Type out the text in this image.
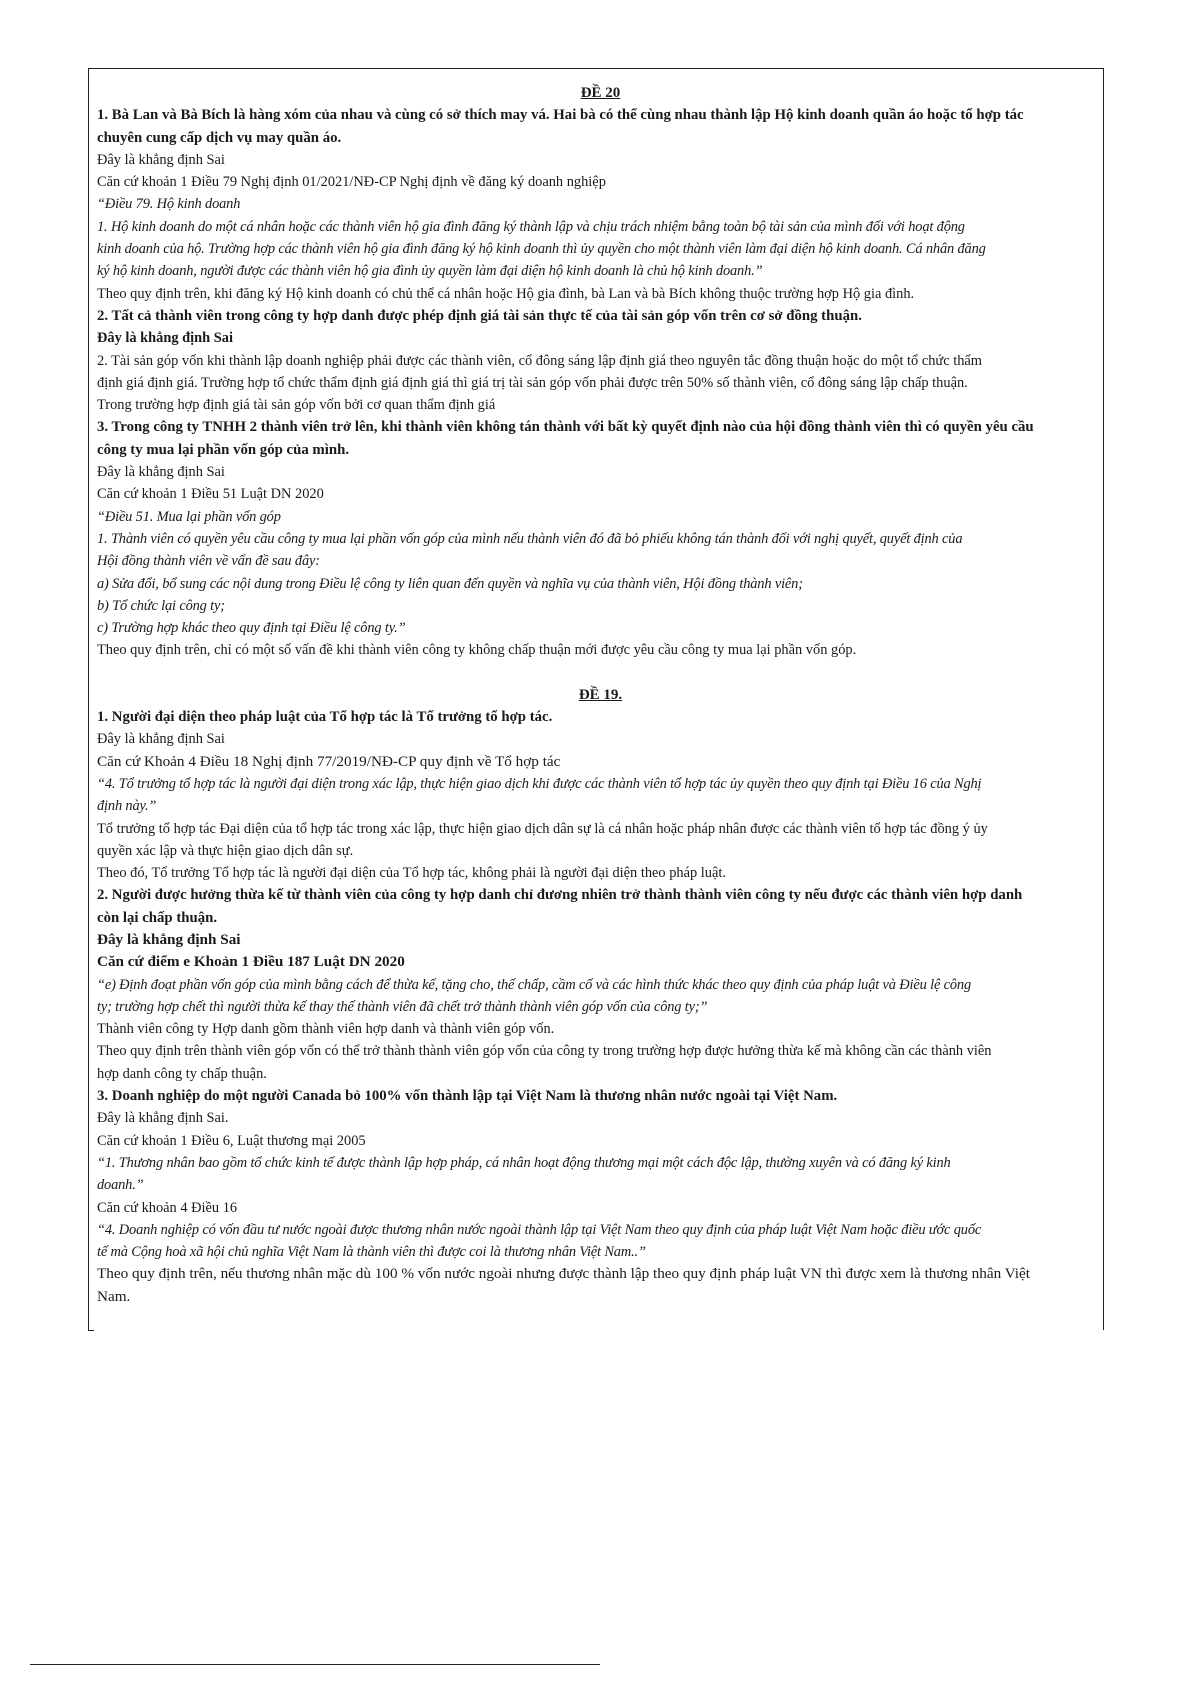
ĐỀ 20
1. Bà Lan và Bà Bích là hàng xóm của nhau và cùng có sở thích may vá. Hai bà có thể cùng nhau thành lập Hộ kinh doanh quần áo hoặc tổ hợp tác
chuyên cung cấp dịch vụ may quần áo.
Đây là khẳng định Sai
Căn cứ khoản 1 Điều 79 Nghị định 01/2021/NĐ-CP Nghị định về đăng ký doanh nghiệp
“Điều 79. Hộ kinh doanh
1. Hộ kinh doanh do một cá nhân hoặc các thành viên hộ gia đình đăng ký thành lập và chịu trách nhiệm bằng toàn bộ tài sản của mình đối với hoạt động
kinh doanh của hộ. Trường hợp các thành viên hộ gia đình đăng ký hộ kinh doanh thì ủy quyền cho một thành viên làm đại diện hộ kinh doanh. Cá nhân đăng
ký hộ kinh doanh, người được các thành viên hộ gia đình ủy quyền làm đại diện hộ kinh doanh là chủ hộ kinh doanh.”
Theo quy định trên, khi đăng ký Hộ kinh doanh có chủ thể cá nhân hoặc Hộ gia đình, bà Lan và bà Bích không thuộc trường hợp Hộ gia đình.
2. Tất cả thành viên trong công ty hợp danh được phép định giá tài sản thực tế của tài sản góp vốn trên cơ sở đồng thuận.
Đây là khẳng định Sai
2. Tài sản góp vốn khi thành lập doanh nghiệp phải được các thành viên, cổ đông sáng lập định giá theo nguyên tắc đồng thuận hoặc do một tổ chức thẩm
định giá định giá. Trường hợp tổ chức thẩm định giá định giá thì giá trị tài sản góp vốn phải được trên 50% số thành viên, cổ đông sáng lập chấp thuận.
Trong trường hợp định giá tài sản góp vốn bởi cơ quan thẩm định giá
3. Trong công ty TNHH 2 thành viên trở lên, khi thành viên không tán thành với bất kỳ quyết định nào của hội đồng thành viên thì có quyền yêu cầu
công ty mua lại phần vốn góp của mình.
Đây là khẳng định Sai
Căn cứ khoản 1 Điều 51 Luật DN 2020
“Điều 51. Mua lại phần vốn góp
1. Thành viên có quyền yêu cầu công ty mua lại phần vốn góp của mình nếu thành viên đó đã bỏ phiếu không tán thành đối với nghị quyết, quyết định của
Hội đồng thành viên về vấn đề sau đây:
a) Sửa đổi, bổ sung các nội dung trong Điều lệ công ty liên quan đến quyền và nghĩa vụ của thành viên, Hội đồng thành viên;
b) Tổ chức lại công ty;
c) Trường hợp khác theo quy định tại Điều lệ công ty.”
Theo quy định trên, chỉ có một số vấn đề khi thành viên công ty không chấp thuận mới được yêu cầu công ty mua lại phần vốn góp.
ĐỀ 19.
1. Người đại diện theo pháp luật của Tổ hợp tác là Tổ trưởng tổ hợp tác.
Đây là khẳng định Sai
Căn cứ Khoản 4 Điều 18 Nghị định 77/2019/NĐ-CP quy định về Tổ hợp tác
“4. Tổ trưởng tổ hợp tác là người đại diện trong xác lập, thực hiện giao dịch khi được các thành viên tổ hợp tác ủy quyền theo quy định tại Điều 16 của Nghị
định này.”
Tổ trưởng tổ hợp tác Đại diện của tổ hợp tác trong xác lập, thực hiện giao dịch dân sự là cá nhân hoặc pháp nhân được các thành viên tổ hợp tác đồng ý ủy
quyền xác lập và thực hiện giao dịch dân sự.
Theo đó, Tổ trưởng Tổ hợp tác là người đại diện của Tổ hợp tác, không phải là người đại diện theo pháp luật.
2. Người được hưởng thừa kế từ thành viên của công ty hợp danh chỉ đương nhiên trở thành thành viên công ty nếu được các thành viên hợp danh
còn lại chấp thuận.
Đây là khẳng định Sai
Căn cứ điểm e Khoản 1 Điều 187 Luật DN 2020
“e) Định đoạt phần vốn góp của mình bằng cách để thừa kế, tặng cho, thế chấp, cầm cố và các hình thức khác theo quy định của pháp luật và Điều lệ công
ty; trường hợp chết thì người thừa kế thay thế thành viên đã chết trở thành thành viên góp vốn của công ty;”
Thành viên công ty Hợp danh gồm thành viên hợp danh và thành viên góp vốn.
Theo quy định trên thành viên góp vốn có thể trở thành thành viên góp vốn của công ty trong trường hợp được hưởng thừa kế mà không cần các thành viên
hợp danh công ty chấp thuận.
3. Doanh nghiệp do một người Canada bỏ 100% vốn thành lập tại Việt Nam là thương nhân nước ngoài tại Việt Nam.
Đây là khẳng định Sai.
Căn cứ khoản 1 Điều 6, Luật thương mại 2005
“1. Thương nhân bao gồm tổ chức kinh tế được thành lập hợp pháp, cá nhân hoạt động thương mại một cách độc lập, thường xuyên và có đăng ký kinh
doanh.”
Căn cứ khoản 4 Điều 16
“4. Doanh nghiệp có vốn đầu tư nước ngoài được thương nhân nước ngoài thành lập tại Việt Nam theo quy định của pháp luật Việt Nam hoặc điều ước quốc
tế mà Cộng hoà xã hội chủ nghĩa Việt Nam là thành viên thì được coi là thương nhân Việt Nam..”
Theo quy định trên, nếu thương nhân mặc dù 100 % vốn nước ngoài nhưng được thành lập theo quy định pháp luật VN thì được xem là thương nhân Việt
Nam.
